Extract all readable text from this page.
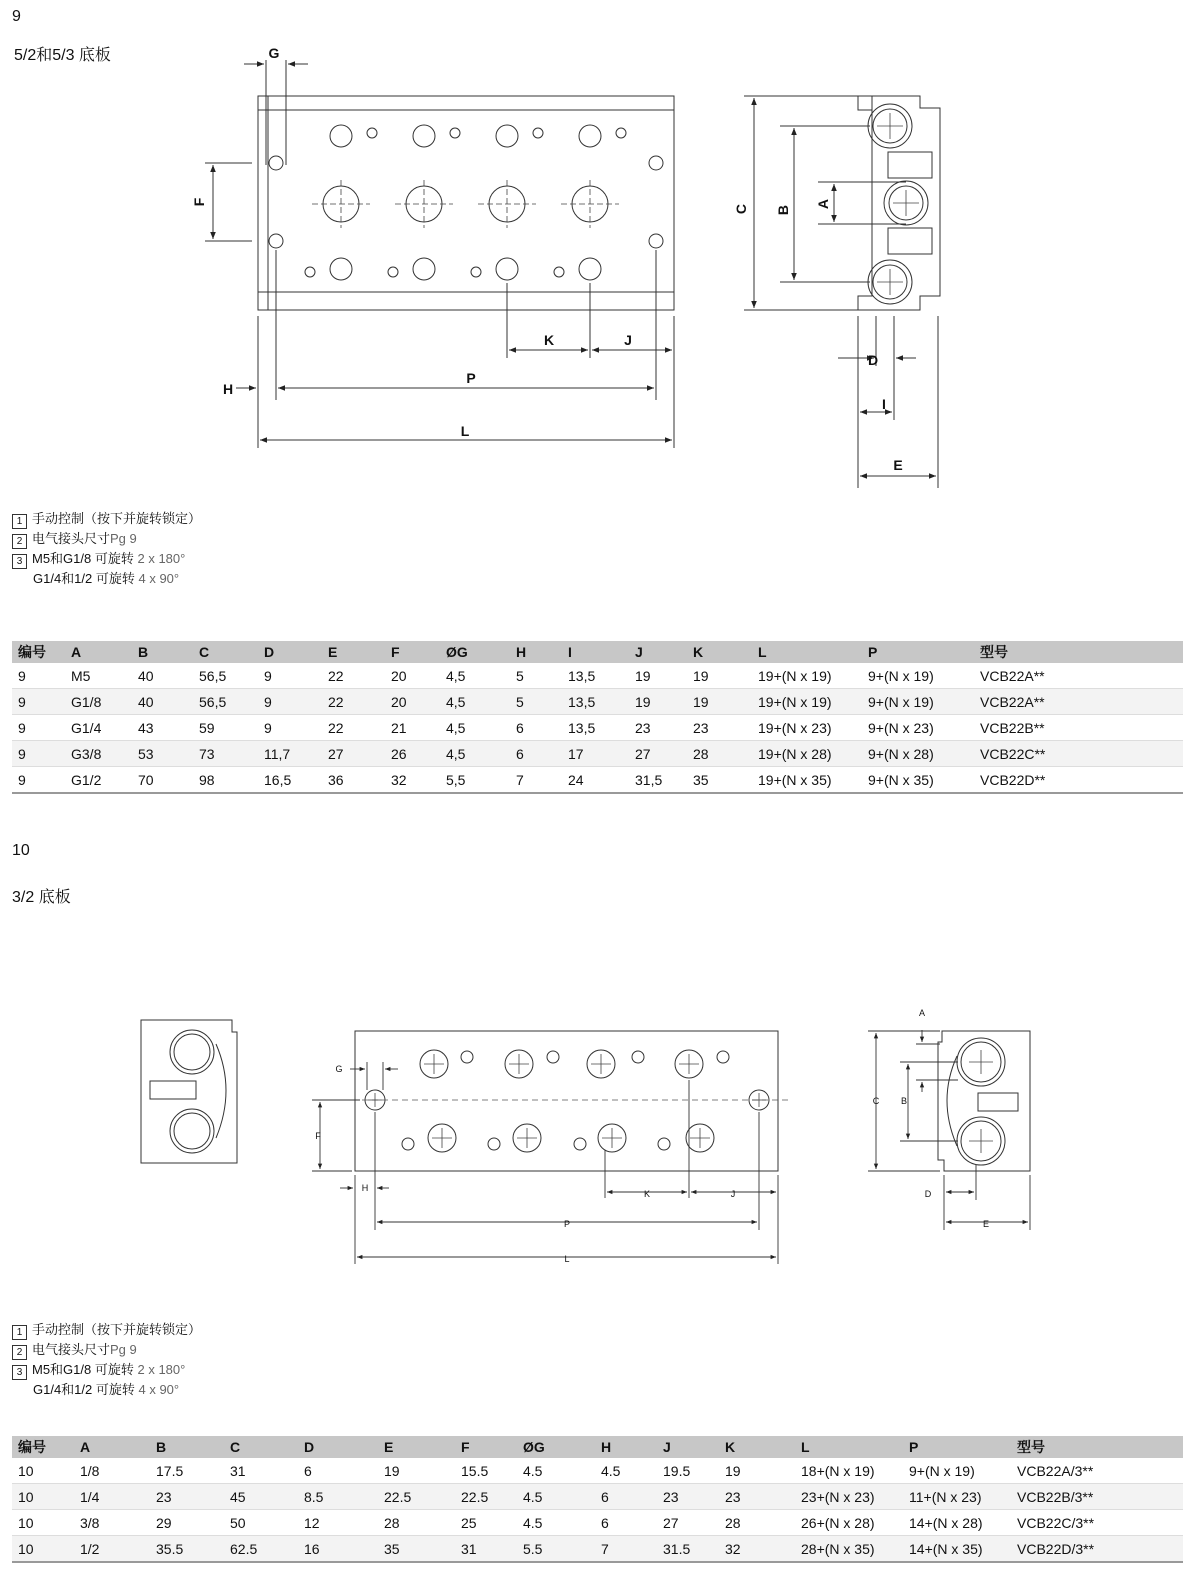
9
5/2和5/3 底板	G
F
K	J
H
P
L
C B
A
D
I
E
1 手动控制（按下并旋转锁定）
2 电气接头尺寸Pg 9
3 M5和G1/8 可旋转 2 x 180°
G1/4和1/2 可旋转 4 x 90°
编号	A	B	C	D	E	F	ØG	H	I	J	K	L	P	型号
9	M5	40	56,5	9	22	20	4,5	5	13,5	19	19	19+(N x 19)	9+(N x 19)	VCB22A**
9	G1/8	40	56,5	9	22	20	4,5	5	13,5	19	19	19+(N x 19)	9+(N x 19)	VCB22A**
9	G1/4	43	59	9	22	21	4,5	6	13,5	23	23	19+(N x 23)	9+(N x 23)	VCB22B**
9	G3/8	53	73	11,7	27	26	4,5	6	17	27	28	19+(N x 28)	9+(N x 28)	VCB22C**
9	G1/2	70	98	16,5	36	32	5,5	7	24	31,5	35	19+(N x 35)	9+(N x 35)	VCB22D**
10
3/2 底板
G
F
H
K	J
P
L
A
B
C
D
E
1 手动控制（按下并旋转锁定）
2 电气接头尺寸Pg 9
3 M5和G1/8 可旋转 2 x 180°
G1/4和1/2 可旋转 4 x 90°
编号	A	B	C	D	E	F	ØG	H	J	K	L	P	型号
10	1/8	17.5	31	6	19	15.5	4.5	4.5	19.5	19	18+(N x 19)	9+(N x 19)	VCB22A/3**
10	1/4	23	45	8.5	22.5	22.5	4.5	6	23	23	23+(N x 23)	11+(N x 23)	VCB22B/3**
10	3/8	29	50	12	28	25	4.5	6	27	28	26+(N x 28)	14+(N x 28)	VCB22C/3**
10	1/2	35.5	62.5	16	35	31	5.5	7	31.5	32	28+(N x 35)	14+(N x 35)	VCB22D/3**
